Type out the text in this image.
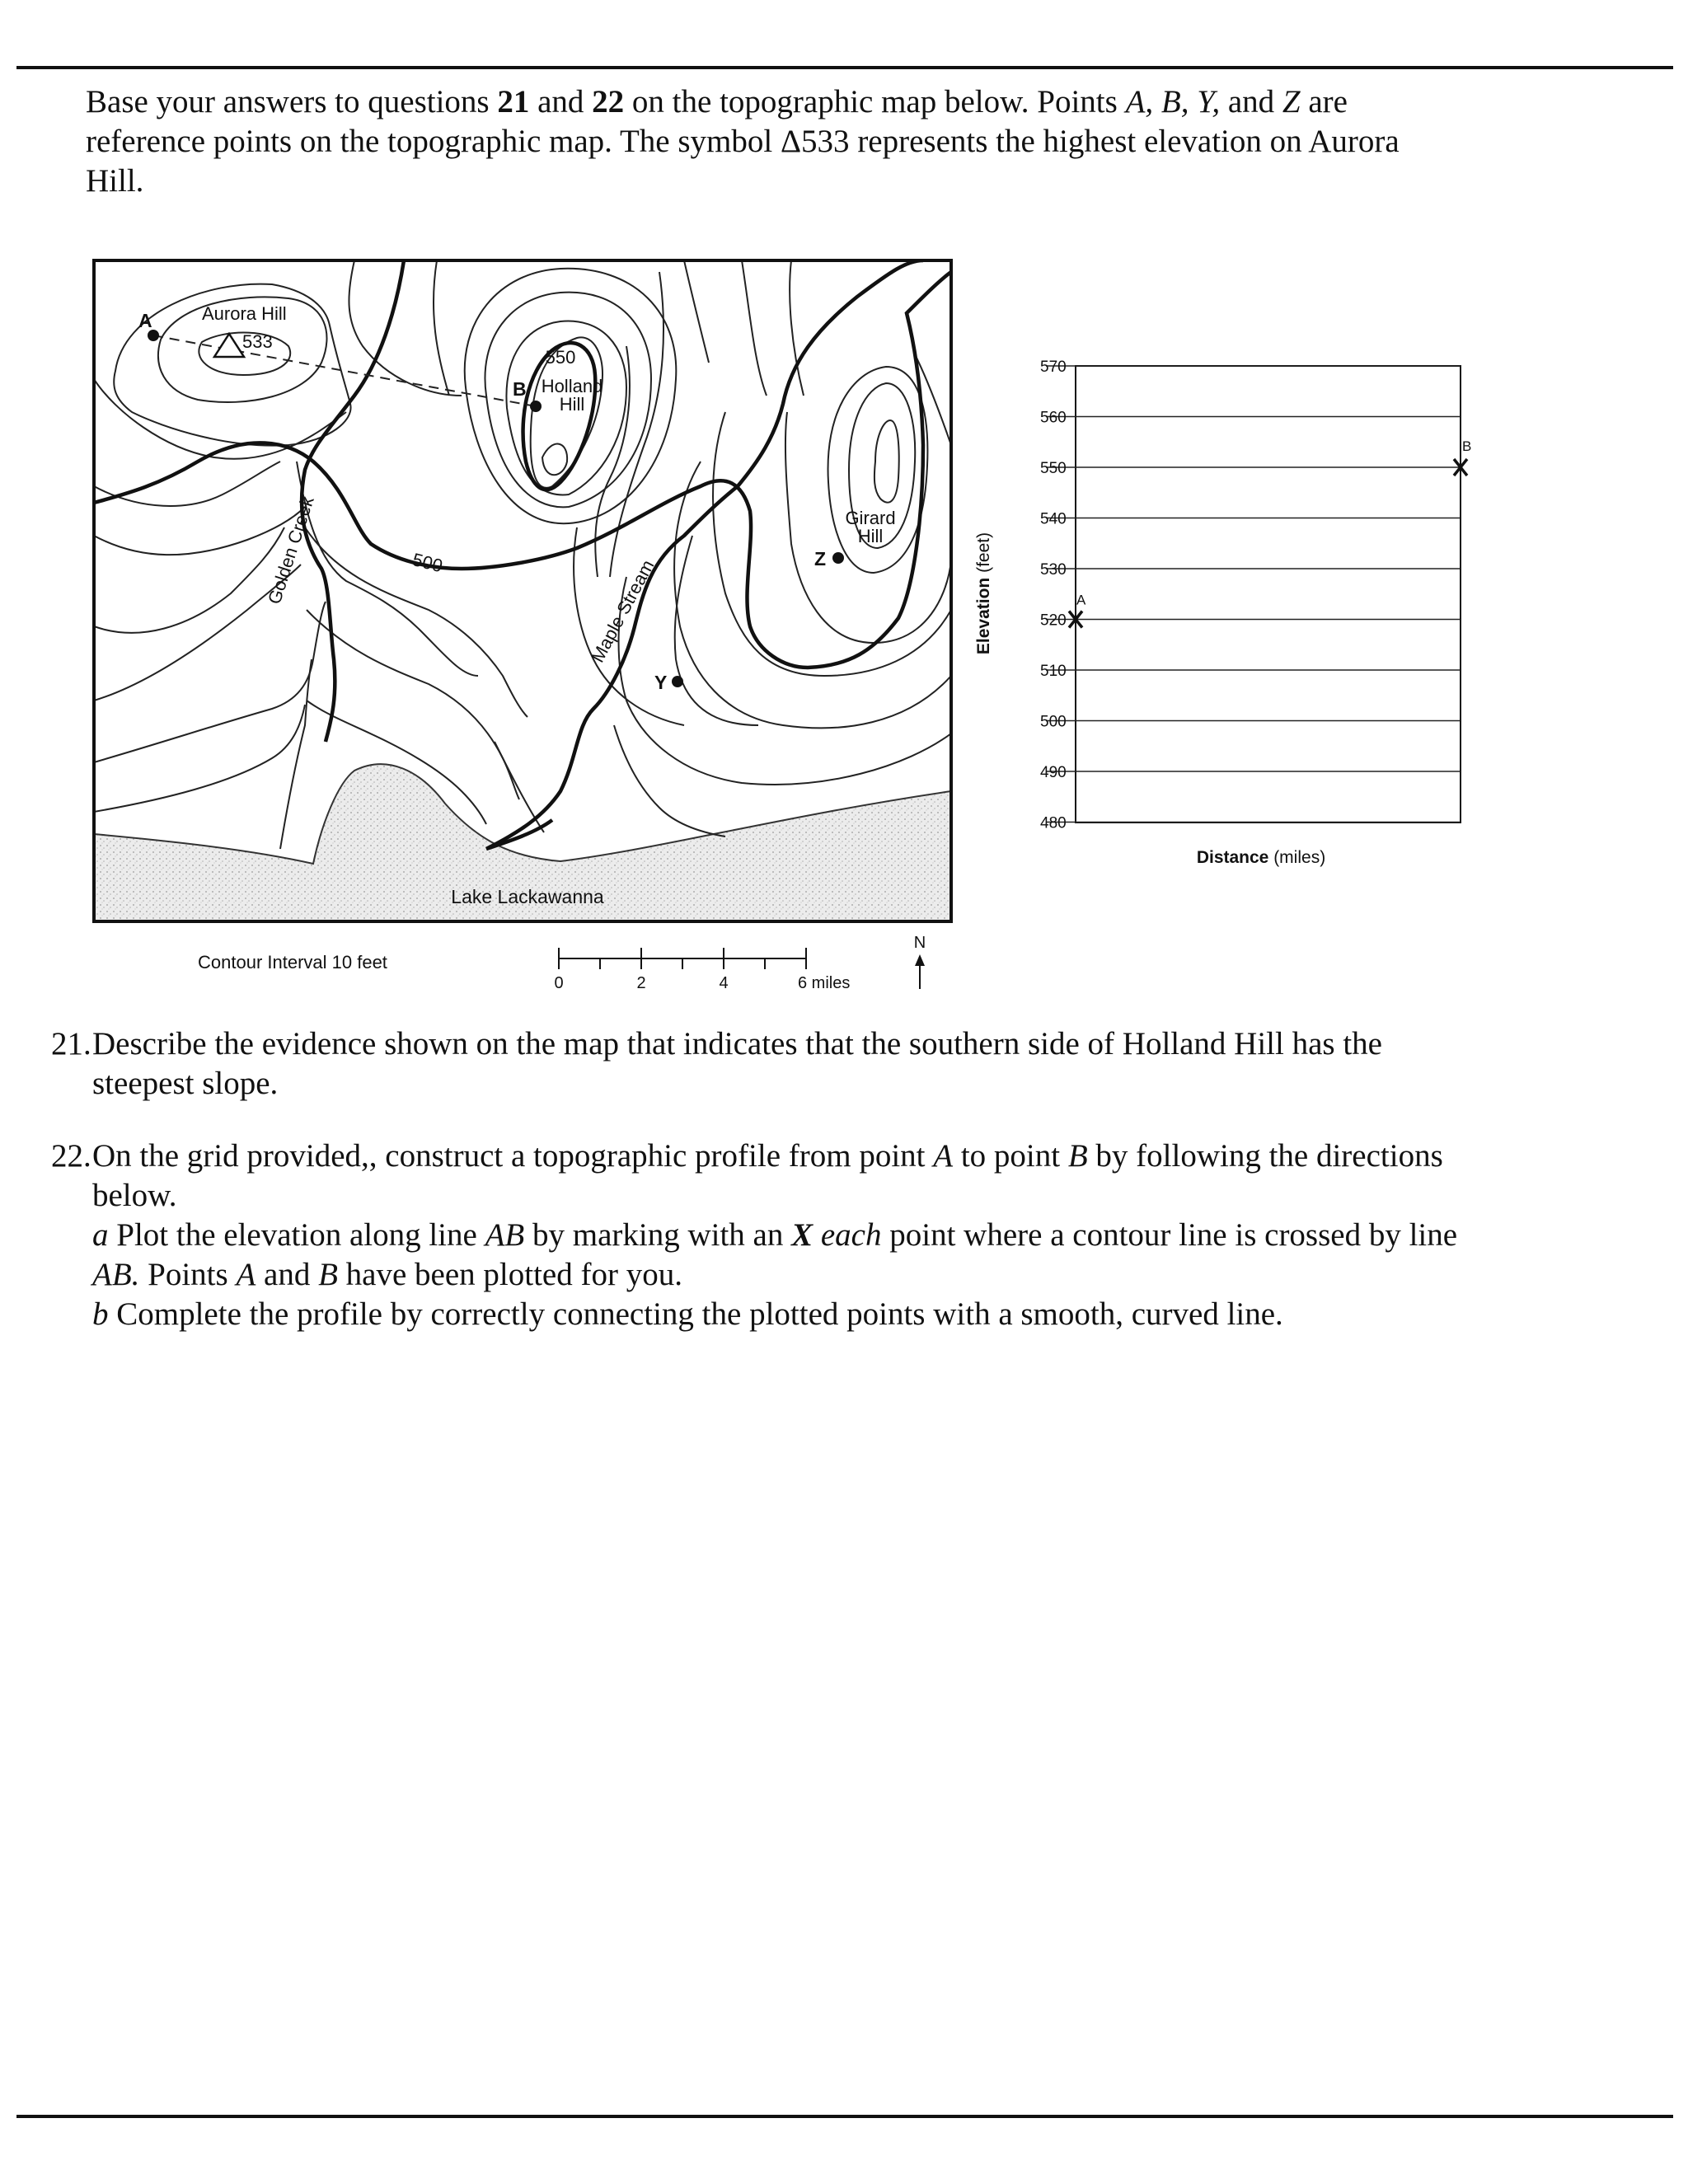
Base your answers to questions 21 and 22 on the topographic map below. Points A, B, Y, and Z are
reference points on the topographic map. The symbol Δ533 represents the highest elevation on Aurora
Hill.
Aurora Hill
533
550
Holland
Hill
Girard
Hill
500
Golden Creek
Maple Stream
Lake Lackawanna
A
B
Y
Z
Contour Interval 10 feet
0	2	4	6 miles
N
570
560
550
540
530
520
510
500
490
480
Elevation (feet)
Distance (miles)
A
B
21. Describe the evidence shown on the map that indicates that the southern side of Holland Hill has the
steepest slope.
22. On the grid provided,, construct a topographic profile from point A to point B by following the directions
below.
a Plot the elevation along line AB by marking with an X each point where a contour line is crossed by line
AB. Points A and B have been plotted for you.
b Complete the profile by correctly connecting the plotted points with a smooth, curved line.
